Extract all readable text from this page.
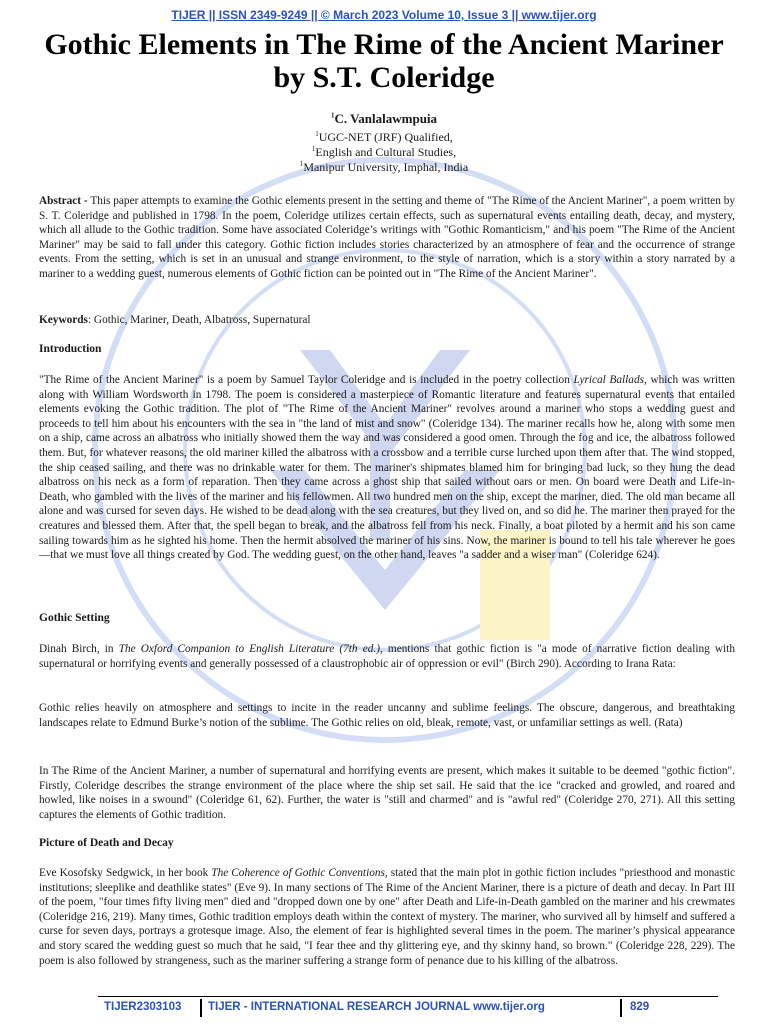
TIJER || ISSN 2349-9249 || © March 2023 Volume 10, Issue 3 || www.tijer.org
Gothic Elements in The Rime of the Ancient Mariner
by S.T. Coleridge
$^1$C. Vanlalawmpuia
$^1$UGC-NET (JRF) Qualified,
$^1$English and Cultural Studies,
$^1$Manipur University, Imphal, India

Abstract - This paper attempts to examine the Gothic elements present in the setting and theme of "The Rime of the Ancient Mariner", a poem written by S. T. Coleridge and published in 1798. In the poem, Coleridge utilizes certain effects, such as supernatural events entailing death, decay, and mystery, which all allude to the Gothic tradition. Some have associated Coleridge’s writings with "Gothic Romanticism," and his poem "The Rime of the Ancient Mariner" may be said to fall under this category. Gothic fiction includes stories characterized by an atmosphere of fear and the occurrence of strange events. From the setting, which is set in an unusual and strange environment, to the style of narration, which is a story within a story narrated by a mariner to a wedding guest, numerous elements of Gothic fiction can be pointed out in "The Rime of the Ancient Mariner".

Keywords: Gothic, Mariner, Death, Albatross, Supernatural

Introduction

"The Rime of the Ancient Mariner" is a poem by Samuel Taylor Coleridge and is included in the poetry collection Lyrical Ballads, which was written along with William Wordsworth in 1798. The poem is considered a masterpiece of Romantic literature and features supernatural events that entailed elements evoking the Gothic tradition. The plot of "The Rime of the Ancient Mariner" revolves around a mariner who stops a wedding guest and proceeds to tell him about his encounters with the sea in "the land of mist and snow" (Coleridge 134). The mariner recalls how he, along with some men on a ship, came across an albatross who initially showed them the way and was considered a good omen. Through the fog and ice, the albatross followed them. But, for whatever reasons, the old mariner killed the albatross with a crossbow and a terrible curse lurched upon them after that. The wind stopped, the ship ceased sailing, and there was no drinkable water for them. The mariner's shipmates blamed him for bringing bad luck, so they hung the dead albatross on his neck as a form of reparation. Then they came across a ghost ship that sailed without oars or men. On board were Death and Life-in-Death, who gambled with the lives of the mariner and his fellowmen. All two hundred men on the ship, except the mariner, died. The old man became all alone and was cursed for seven days. He wished to be dead along with the sea creatures, but they lived on, and so did he. The mariner then prayed for the creatures and blessed them. After that, the spell began to break, and the albatross fell from his neck. Finally, a boat piloted by a hermit and his son came sailing towards him as he sighted his home. Then the hermit absolved the mariner of his sins. Now, the mariner is bound to tell his tale wherever he goes—that we must love all things created by God. The wedding guest, on the other hand, leaves "a sadder and a wiser man" (Coleridge 624).

Gothic Setting

Dinah Birch, in The Oxford Companion to English Literature (7th ed.), mentions that gothic fiction is "a mode of narrative fiction dealing with supernatural or horrifying events and generally possessed of a claustrophobic air of oppression or evil" (Birch 290). According to Irana Rata:

Gothic relies heavily on atmosphere and settings to incite in the reader uncanny and sublime feelings. The obscure, dangerous, and breathtaking landscapes relate to Edmund Burke’s notion of the sublime. The Gothic relies on old, bleak, remote, vast, or unfamiliar settings as well. (Rata)
In The Rime of the Ancient Mariner, a number of supernatural and horrifying events are present, which makes it suitable to be deemed "gothic fiction". Firstly, Coleridge describes the strange environment of the place where the ship set sail. He said that the ice "cracked and growled, and roared and howled, like noises in a swound" (Coleridge 61, 62). Further, the water is "still and charmed" and is "awful red" (Coleridge 270, 271). All this setting captures the elements of Gothic tradition.
Picture of Death and Decay

Eve Kosofsky Sedgwick, in her book The Coherence of Gothic Conventions, stated that the main plot in gothic fiction includes "priesthood and monastic institutions; sleeplike and deathlike states" (Eve 9). In many sections of The Rime of the Ancient Mariner, there is a picture of death and decay. In Part III of the poem, "four times fifty living men" died and "dropped down one by one" after Death and Life-in-Death gambled on the mariner and his crewmates (Coleridge 216, 219). Many times, Gothic tradition employs death within the context of mystery. The mariner, who survived all by himself and suffered a curse for seven days, portrays a grotesque image. Also, the element of fear is highlighted several times in the poem. The mariner’s physical appearance and story scared the wedding guest so much that he said, "I fear thee and thy glittering eye, and thy skinny hand, so brown." (Coleridge 228, 229). The poem is also followed by strangeness, such as the mariner suffering a strange form of penance due to his killing of the albatross.

TIJER2303103 TIJER - INTERNATIONAL RESEARCH JOURNAL www.tijer.org	829
